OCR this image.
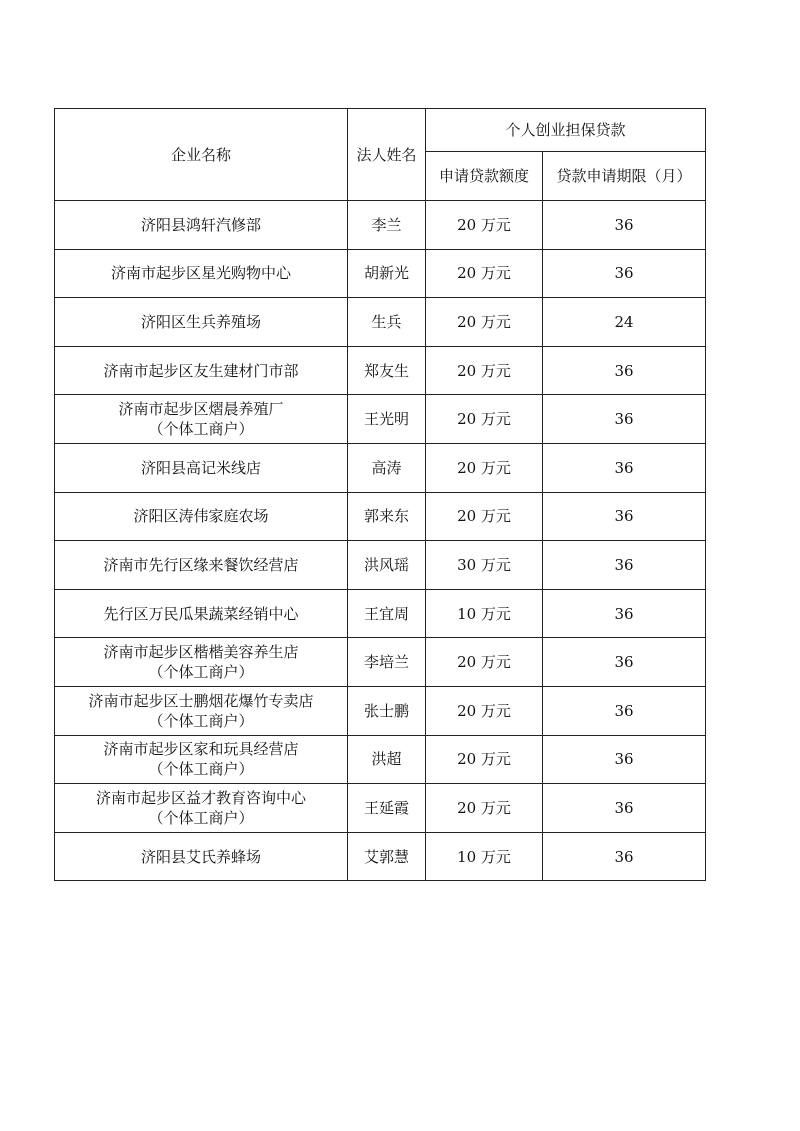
企业名称	法人姓名	个人创业担保贷款	
		申请贷款额度	贷款申请期限（月）

济阳县鸿轩汽修部	李兰	20 万元	36

济南市起步区星光购物中心	胡新光	20 万元	36

济阳区生兵养殖场	生兵	20 万元	24

济南市起步区友生建材门市部	郑友生	20 万元	36

济南市起步区熠晨养殖厂
（个体工商户）	王光明	20 万元	36

济阳县高记米线店	高涛	20 万元	36

济阳区涛伟家庭农场	郭来东	20 万元	36

济南市先行区缘来餐饮经营店	洪风瑶	30 万元	36

先行区万民瓜果蔬菜经销中心	王宜周	10 万元	36

济南市起步区楷楷美容养生店
（个体工商户）	李培兰	20 万元	36

济南市起步区士鹏烟花爆竹专卖店
（个体工商户）	张士鹏	20 万元	36

济南市起步区家和玩具经营店
（个体工商户）	洪超	20 万元	36

济南市起步区益才教育咨询中心
（个体工商户）	王延霞	20 万元	36

济阳县艾氏养蜂场	艾郭慧	10 万元	36
